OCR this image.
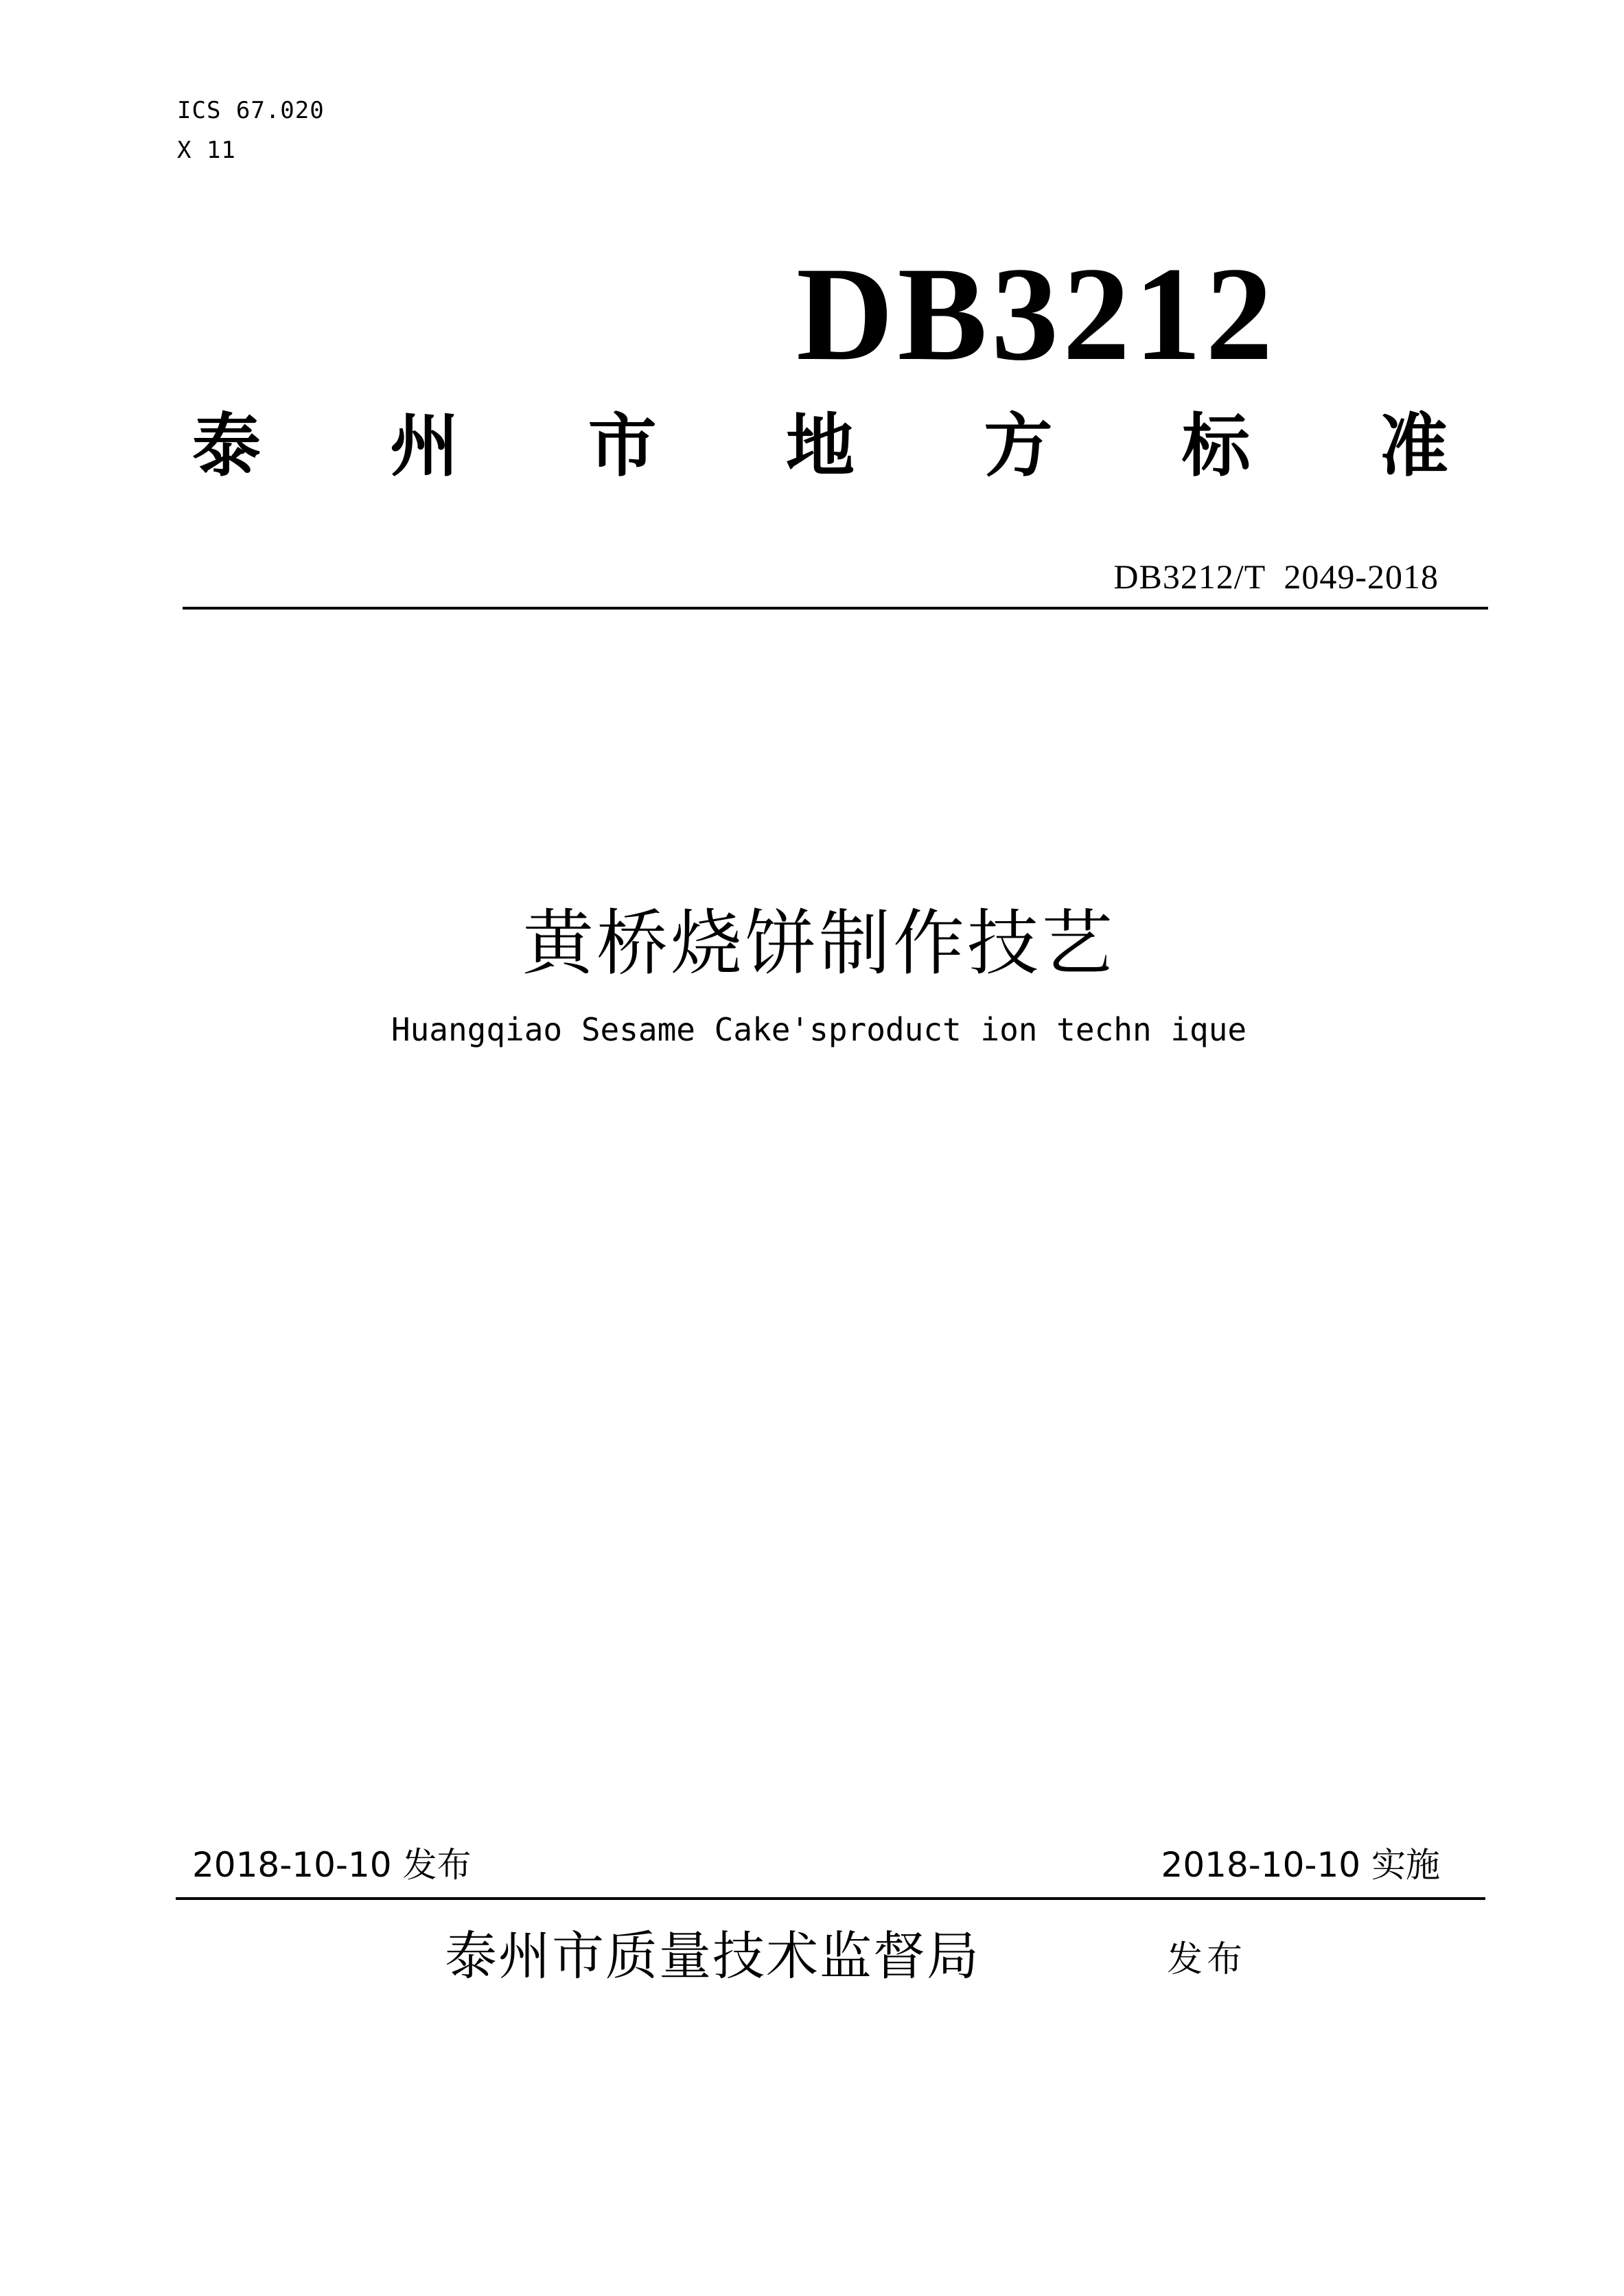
ICS 67.020
X 11
DB3212
泰 州 市 地 方 标 准
DB3212/T  2049-2018
黄桥烧饼制作技艺
Huangqiao Sesame Cake'sproduct ion techn ique
2018-10-10 发布	2018-10-10 实施
泰州市质量技术监督局	发布
